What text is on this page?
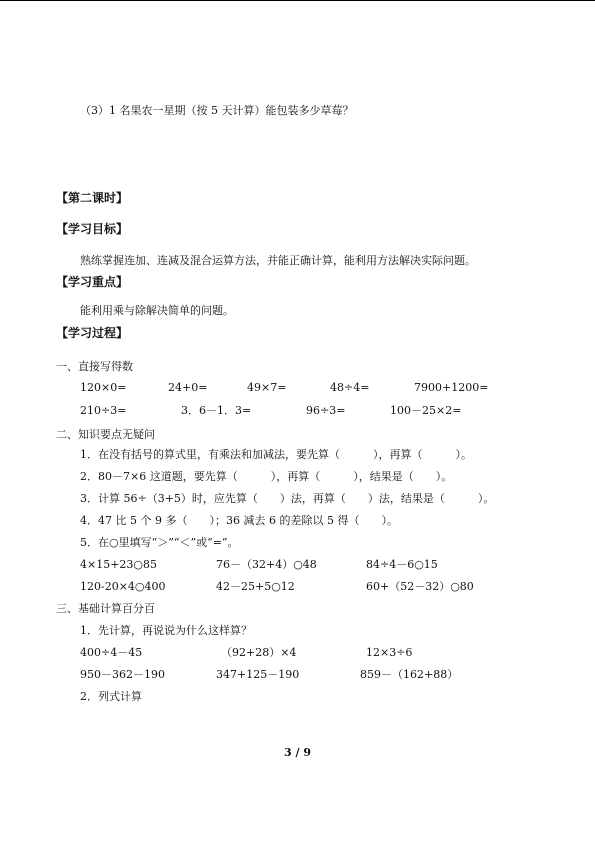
（3）1 名果农一星期（按 5 天计算）能包装多少草莓？
【第二课时】
【学习目标】
熟练掌握连加、连减及混合运算方法，并能正确计算，能利用方法解决实际问题。
【学习重点】
能利用乘与除解决简单的问题。
【学习过程】
一、直接写得数
120×0=	24+0=	49×7=	48÷4=	7900+1200=
210÷3=	3．6－1．3=	96÷3=	100－25×2=
二、知识要点无疑问
1．在没有括号的算式里，有乘法和加减法，要先算（　　　），再算（　　　）。
2．80－7×6 这道题，要先算（　　　），再算（　　　），结果是（　　）。
3．计算 56÷（3+5）时，应先算（　　）法，再算（　　）法，结果是（　　　）。
4．47 比 5 个 9 多（　　）；36 减去 6 的差除以 5 得（　　）。
5．在○里填写“＞”“＜”或“=”。
4×15+23○85	76－（32+4）○48	84÷4－6○15
120-20×4○400	42－25+5○12	60+（52－32）○80
三、基础计算百分百
1．先计算，再说说为什么这样算？
400÷4－45	（92+28）×4	12×3÷6
950－362－190	347+125－190	859－（162+88）
2．列式计算
3 / 9
